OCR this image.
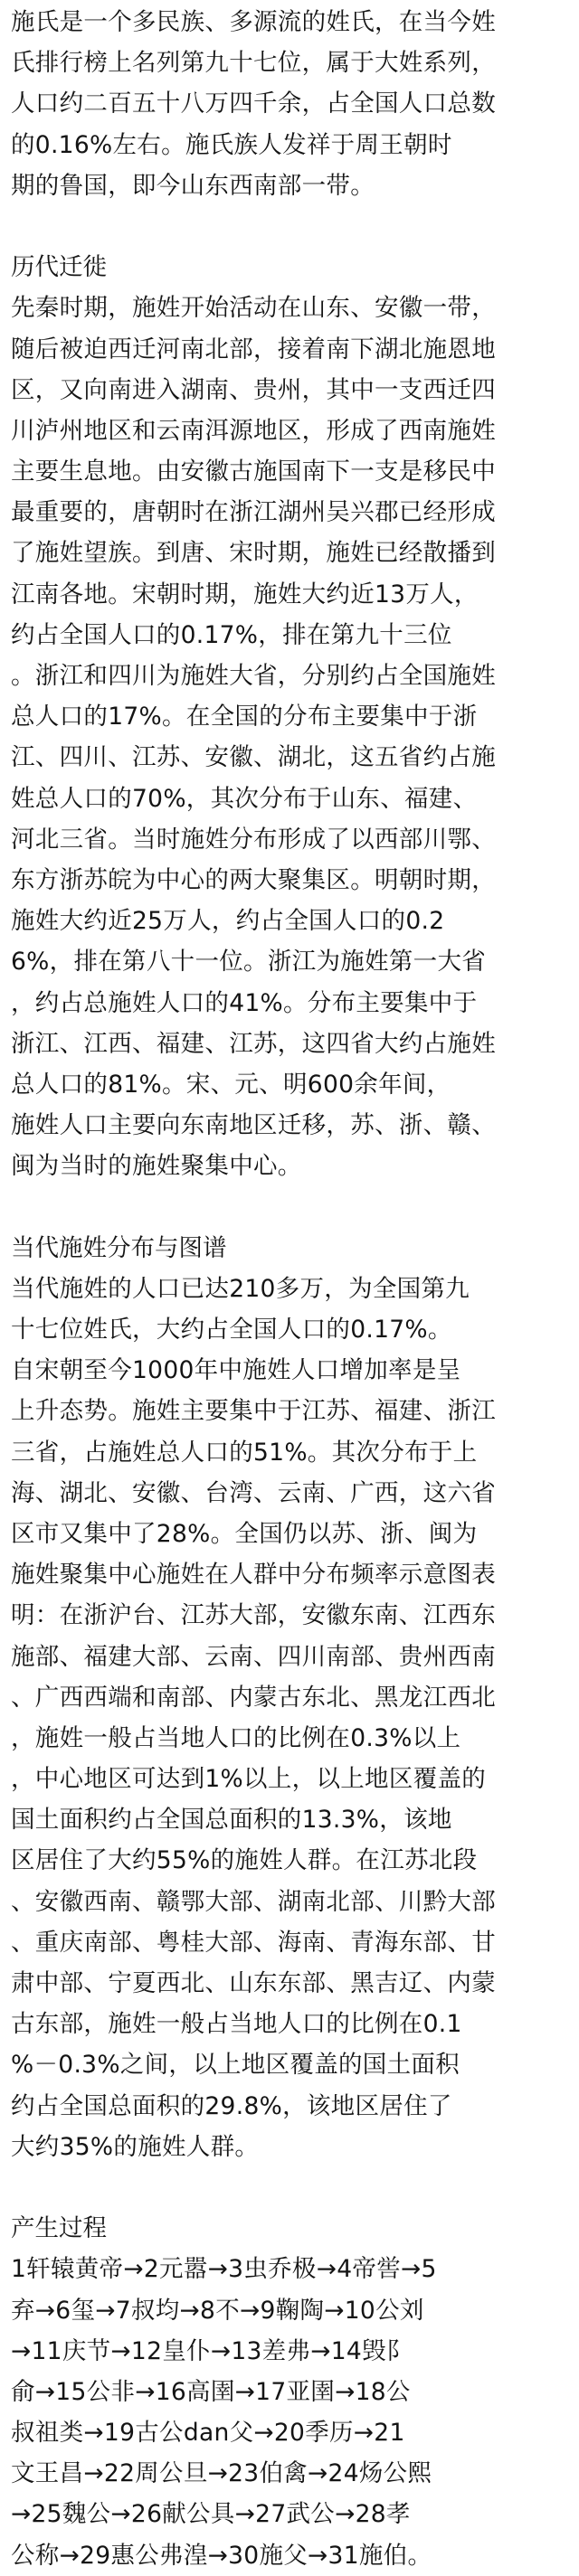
施氏是一个多民族、多源流的姓氏，在当今姓
氏排行榜上名列第九十七位，属于大姓系列，
人口约二百五十八万四千余，占全国人口总数
的0.16%左右。施氏族人发祥于周王朝时
期的鲁国，即今山东西南部一带。
历代迁徙
先秦时期，施姓开始活动在山东、安徽一带，
随后被迫西迁河南北部，接着南下湖北施恩地
区，又向南进入湖南、贵州，其中一支西迁四
川泸州地区和云南洱源地区，形成了西南施姓
主要生息地。由安徽古施国南下一支是移民中
最重要的，唐朝时在浙江湖州吴兴郡已经形成
了施姓望族。到唐、宋时期，施姓已经散播到
江南各地。宋朝时期，施姓大约近13万人，
约占全国人口的0.17%，排在第九十三位
。浙江和四川为施姓大省，分别约占全国施姓
总人口的17%。在全国的分布主要集中于浙
江、四川、江苏、安徽、湖北，这五省约占施
姓总人口的70%，其次分布于山东、福建、
河北三省。当时施姓分布形成了以西部川鄂、
东方浙苏皖为中心的两大聚集区。明朝时期，
施姓大约近25万人，约占全国人口的0.2
6%，排在第八十一位。浙江为施姓第一大省
，约占总施姓人口的41%。分布主要集中于
浙江、江西、福建、江苏，这四省大约占施姓
总人口的81%。宋、元、明600余年间，
施姓人口主要向东南地区迁移，苏、浙、赣、
闽为当时的施姓聚集中心。
当代施姓分布与图谱
当代施姓的人口已达210多万，为全国第九
十七位姓氏，大约占全国人口的0.17%。
自宋朝至今1000年中施姓人口增加率是呈
上升态势。施姓主要集中于江苏、福建、浙江
三省，占施姓总人口的51%。其次分布于上
海、湖北、安徽、台湾、云南、广西，这六省
区市又集中了28%。全国仍以苏、浙、闽为
施姓聚集中心施姓在人群中分布频率示意图表
明：在浙沪台、江苏大部，安徽东南、江西东
施部、福建大部、云南、四川南部、贵州西南
、广西西端和南部、内蒙古东北、黑龙江西北
，施姓一般占当地人口的比例在0.3%以上
，中心地区可达到1%以上，以上地区覆盖的
国土面积约占全国总面积的13.3%，该地
区居住了大约55%的施姓人群。在江苏北段
、安徽西南、赣鄂大部、湖南北部、川黔大部
、重庆南部、粤桂大部、海南、青海东部、甘
肃中部、宁夏西北、山东东部、黑吉辽、内蒙
古东部，施姓一般占当地人口的比例在0.1
%－0.3%之间，以上地区覆盖的国土面积
约占全国总面积的29.8%，该地区居住了
大约35%的施姓人群。
产生过程
1轩辕黄帝→2元嚣→3虫乔极→4帝喾→5
弃→6玺→7叔均→8不→9鞠陶→10公刘
→11庆节→12皇仆→13差弗→14毁阝
俞→15公非→16高圉→17亚圉→18公
叔祖类→19古公dan父→20季历→21
文王昌→22周公旦→23伯禽→24炀公熙
→25魏公→26献公具→27武公→28孝
公称→29惠公弗湟→30施父→31施伯。
